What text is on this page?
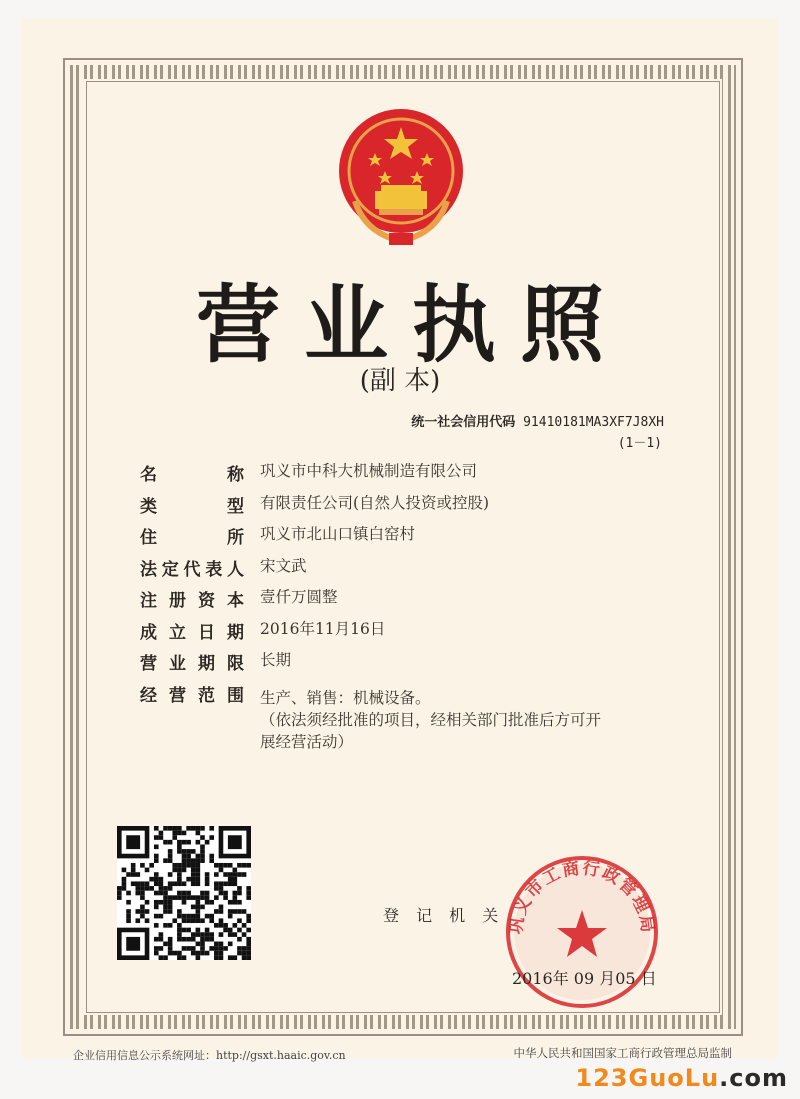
营业执照
(副 本)
统一社会信用代码 91410181MA3XF7J8XH
(1－1)
名	称 巩义市中科大机械制造有限公司
类	型 有限责任公司(自然人投资或控股)
住	所 巩义市北山口镇白窑村
法 定 代 表 人 宋文武
注 册 资 本 壹仟万圆整
成 立 日 期 2016年11月16日
营 业 期 限 长期
经 营 范 围 生产、销售：机械设备。
（依法须经批准的项目，经相关部门批准后方可开
展经营活动）
登 记 机 关 巩义市工商行政管理局
2016年 09 月05 日
企业信用信息公示系统网址：http://gsxt.haaic.gov.cn	中华人民共和国国家工商行政管理总局监制
123GuoLu.com
